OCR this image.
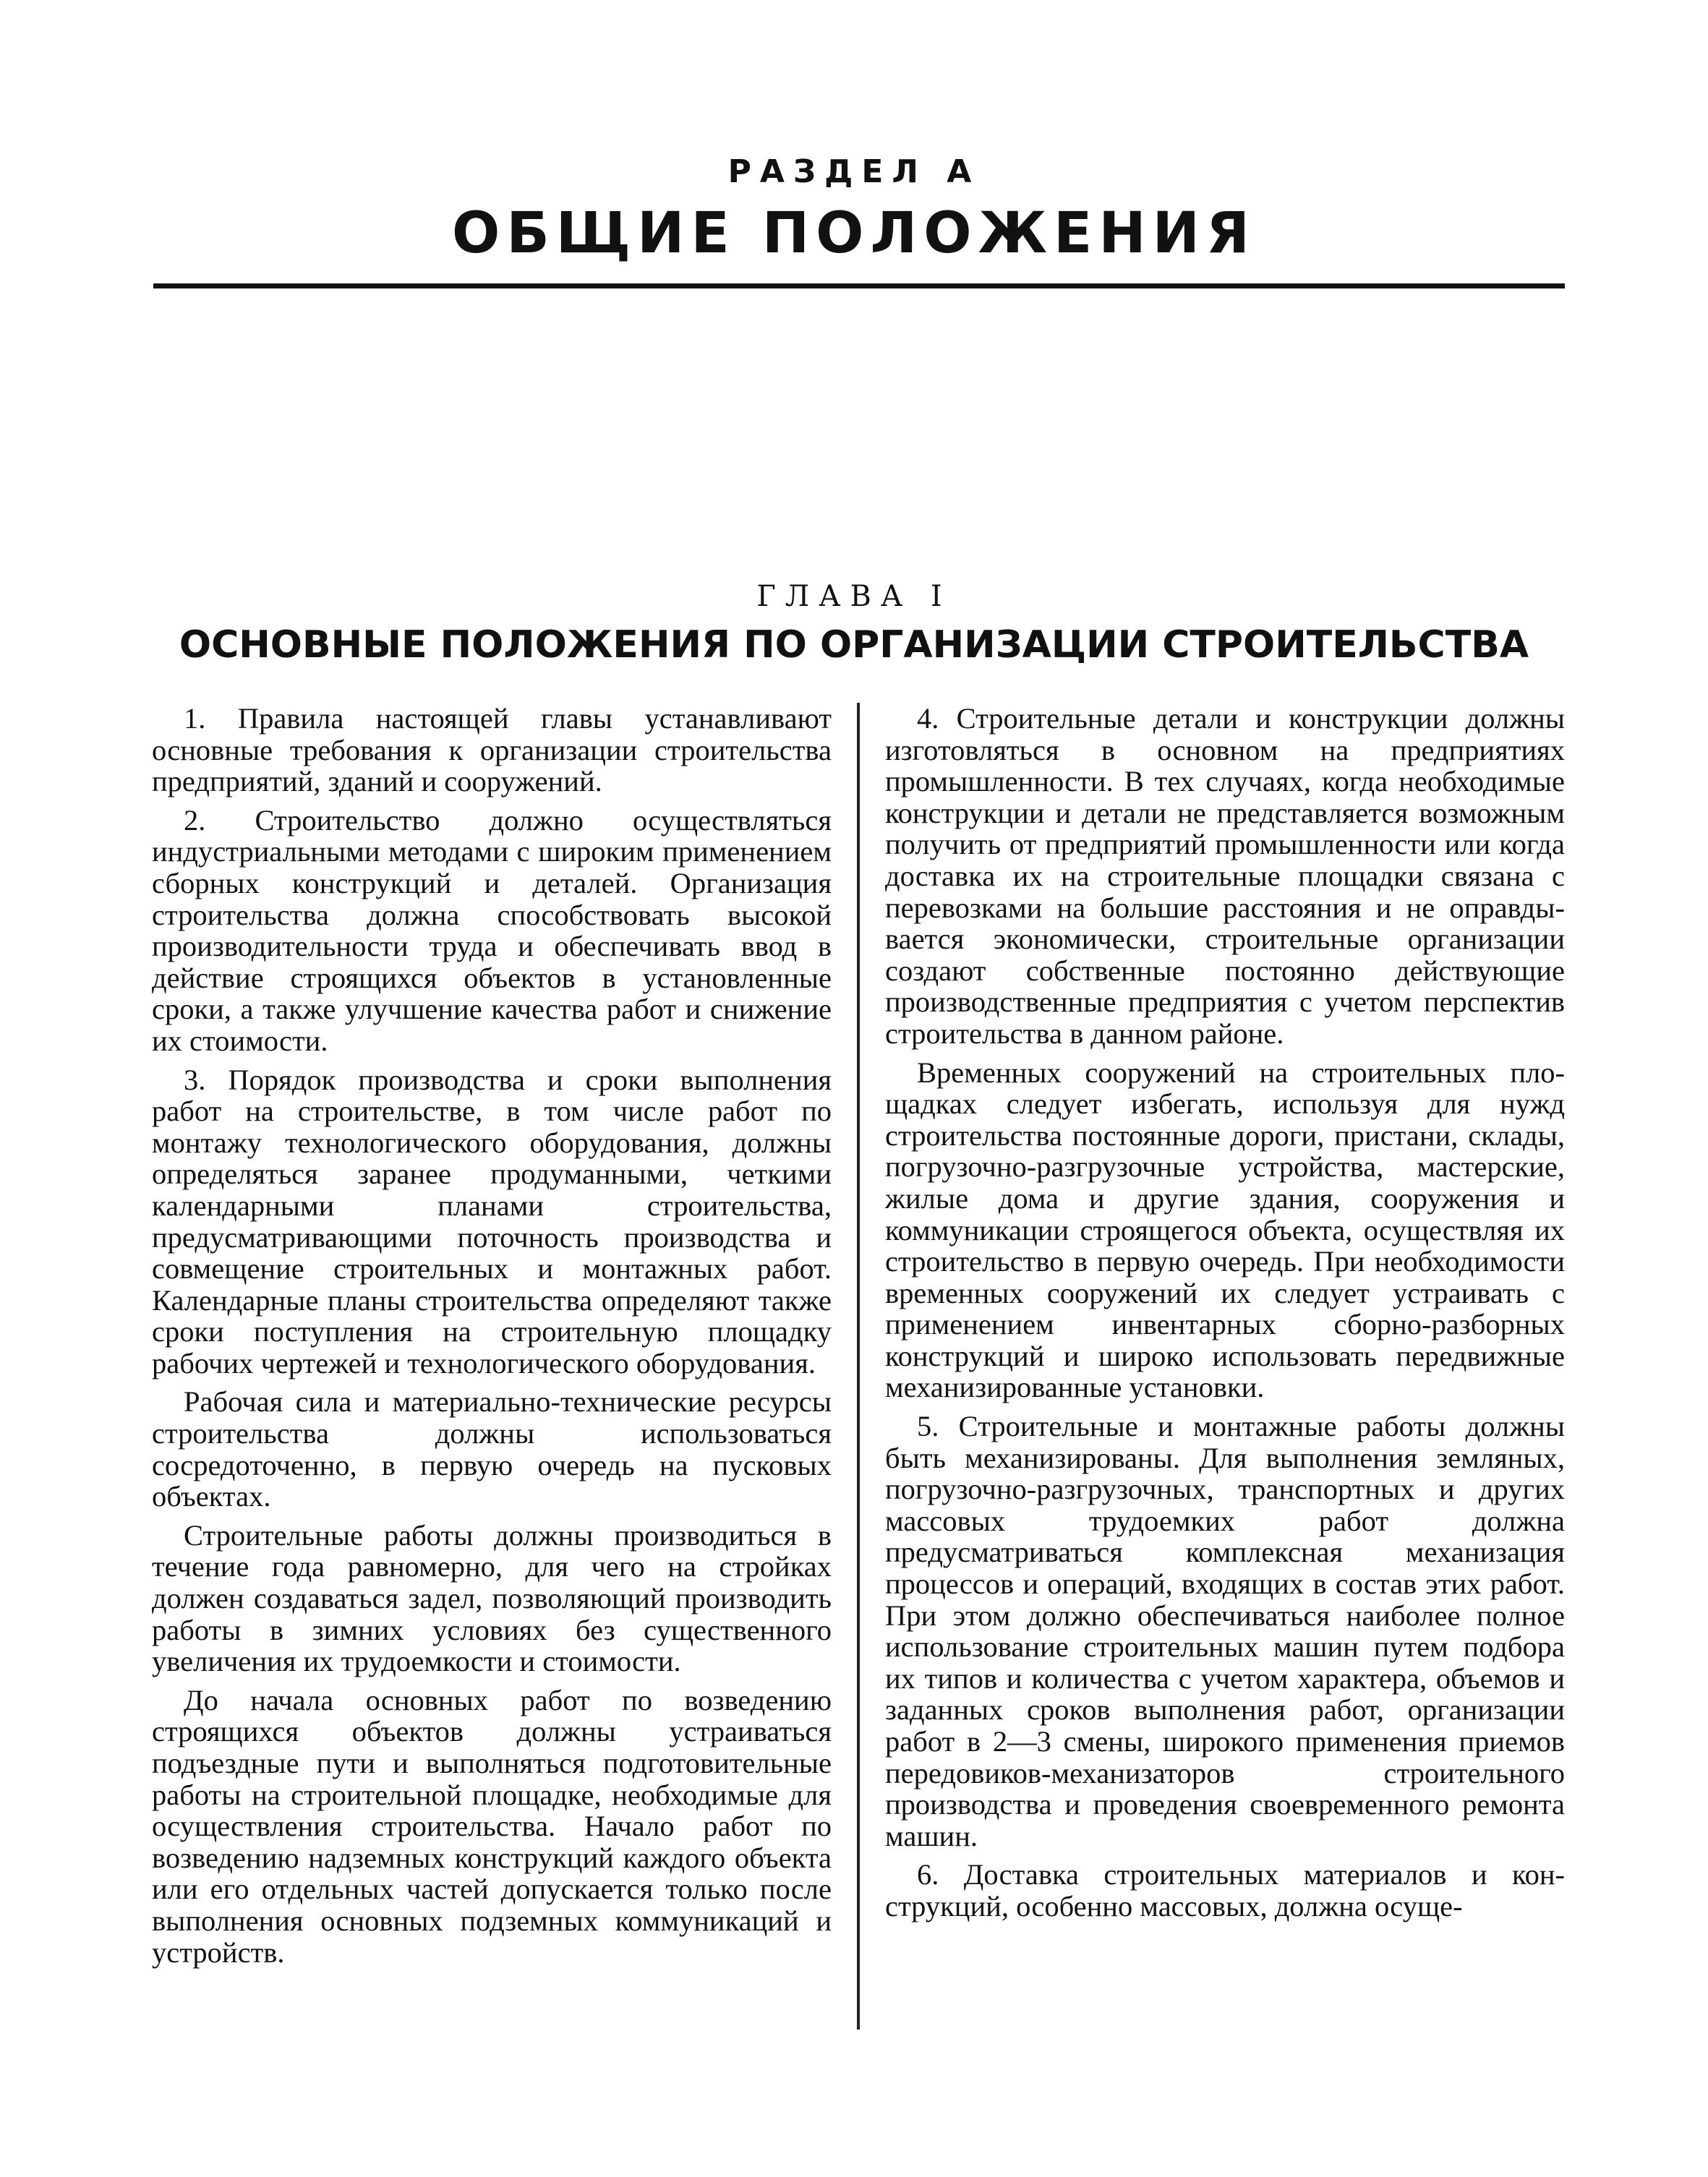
РАЗДЕЛ А
ОБЩИЕ ПОЛОЖЕНИЯ
ГЛАВА I
ОСНОВНЫЕ ПОЛОЖЕНИЯ ПО ОРГАНИЗАЦИИ СТРОИТЕЛЬСТВА

1. Правила настоящей главы устанавливают основные требования к организации строительства предприятий, зданий и сооружений.

2. Строительство должно осуществляться индустриальными методами с широким применением сборных конструкций и деталей. Организация строительства должна способствовать высокой производительности труда и обеспечивать ввод в действие строящихся объектов в установленные сроки, а также улучшение качества работ и снижение их стоимости.

3. Порядок производства и сроки выполнения работ на строительстве, в том числе работ по монтажу технологического оборудования, должны определяться заранее продуманными, четкими календарными планами строительства, предусматривающими поточность производства и совмещение строительных и монтажных работ. Календарные планы строительства определяют также сроки поступления на строительную площадку рабочих чертежей и технологического оборудования.

Рабочая сила и материально-технические ресурсы строительства должны использоваться сосредоточенно, в первую очередь на пусковых объектах.

Строительные работы должны производиться в течение года равномерно, для чего на стройках должен создаваться задел, позволяющий производить работы в зимних условиях без существенного увеличения их трудоемкости и стоимости.

До начала основных работ по возведению строящихся объектов должны устраиваться подъездные пути и выполняться подготовительные работы на строительной площадке, необходимые для осуществления строительства. Начало работ по возведению надземных конструкций каждого объекта или его отдельных частей допускается только после выполнения основных подземных коммуникаций и устройств.

4. Строительные детали и конструкции должны изготовляться в основном на предприятиях промышленности. В тех случаях, когда необходимые конструкции и детали не представляется возможным получить от предприятий промышленности или когда доставка их на строительные площадки связана с перевозками на большие расстояния и не оправдывается экономически, строительные организации создают собственные постоянно действующие производственные предприятия с учетом перспектив строительства в данном районе.

Временных сооружений на строительных площадках следует избегать, используя для нужд строительства постоянные дороги, пристани, склады, погрузочно-разгрузочные устройства, мастерские, жилые дома и другие здания, сооружения и коммуникации строящегося объекта, осуществляя их строительство в первую очередь. При необходимости временных сооружений их следует устраивать с применением инвентарных сборно-разборных конструкций и широко использовать передвижные механизированные установки.

5. Строительные и монтажные работы должны быть механизированы. Для выполнения земляных, погрузочно-разгрузочных, транспортных и других массовых трудоемких работ должна предусматриваться комплексная механизация процессов и операций, входящих в состав этих работ. При этом должно обеспечиваться наиболее полное использование строительных машин путем подбора их типов и количества с учетом характера, объемов и заданных сроков выполнения работ, организации работ в 2—3 смены, широкого применения приемов передовиков-механизаторов строительного производства и проведения своевременного ремонта машин.

6. Доставка строительных материалов и конструкций, особенно массовых, должна осуще-
